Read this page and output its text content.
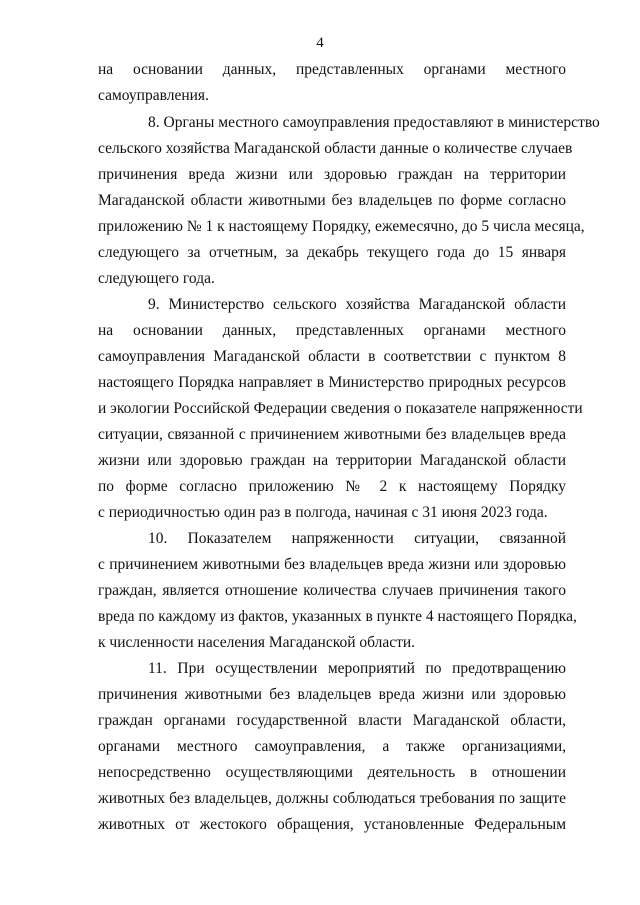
4
на основании данных, представленных органами местного
самоуправления.
8. Органы местного самоуправления предоставляют в министерство
сельского хозяйства Магаданской области данные о количестве случаев
причинения вреда жизни или здоровью граждан на территории
Магаданской области животными без владельцев по форме согласно
приложению № 1 к настоящему Порядку, ежемесячно, до 5 числа месяца,
следующего за отчетным, за декабрь текущего года до 15 января
следующего года.
9. Министерство сельского хозяйства Магаданской области
на основании данных, представленных органами местного
самоуправления Магаданской области в соответствии с пунктом 8
настоящего Порядка направляет в Министерство природных ресурсов
и экологии Российской Федерации сведения о показателе напряженности
ситуации, связанной с причинением животными без владельцев вреда
жизни или здоровью граждан на территории Магаданской области
по форме согласно приложению № 2 к настоящему Порядку
с периодичностью один раз в полгода, начиная с 31 июня 2023 года.
10. Показателем напряженности ситуации, связанной
с причинением животными без владельцев вреда жизни или здоровью
граждан, является отношение количества случаев причинения такого
вреда по каждому из фактов, указанных в пункте 4 настоящего Порядка,
к численности населения Магаданской области.
11. При осуществлении мероприятий по предотвращению
причинения животными без владельцев вреда жизни или здоровью
граждан органами государственной власти Магаданской области,
органами местного самоуправления, а также организациями,
непосредственно осуществляющими деятельность в отношении
животных без владельцев, должны соблюдаться требования по защите
животных от жестокого обращения, установленные Федеральным
